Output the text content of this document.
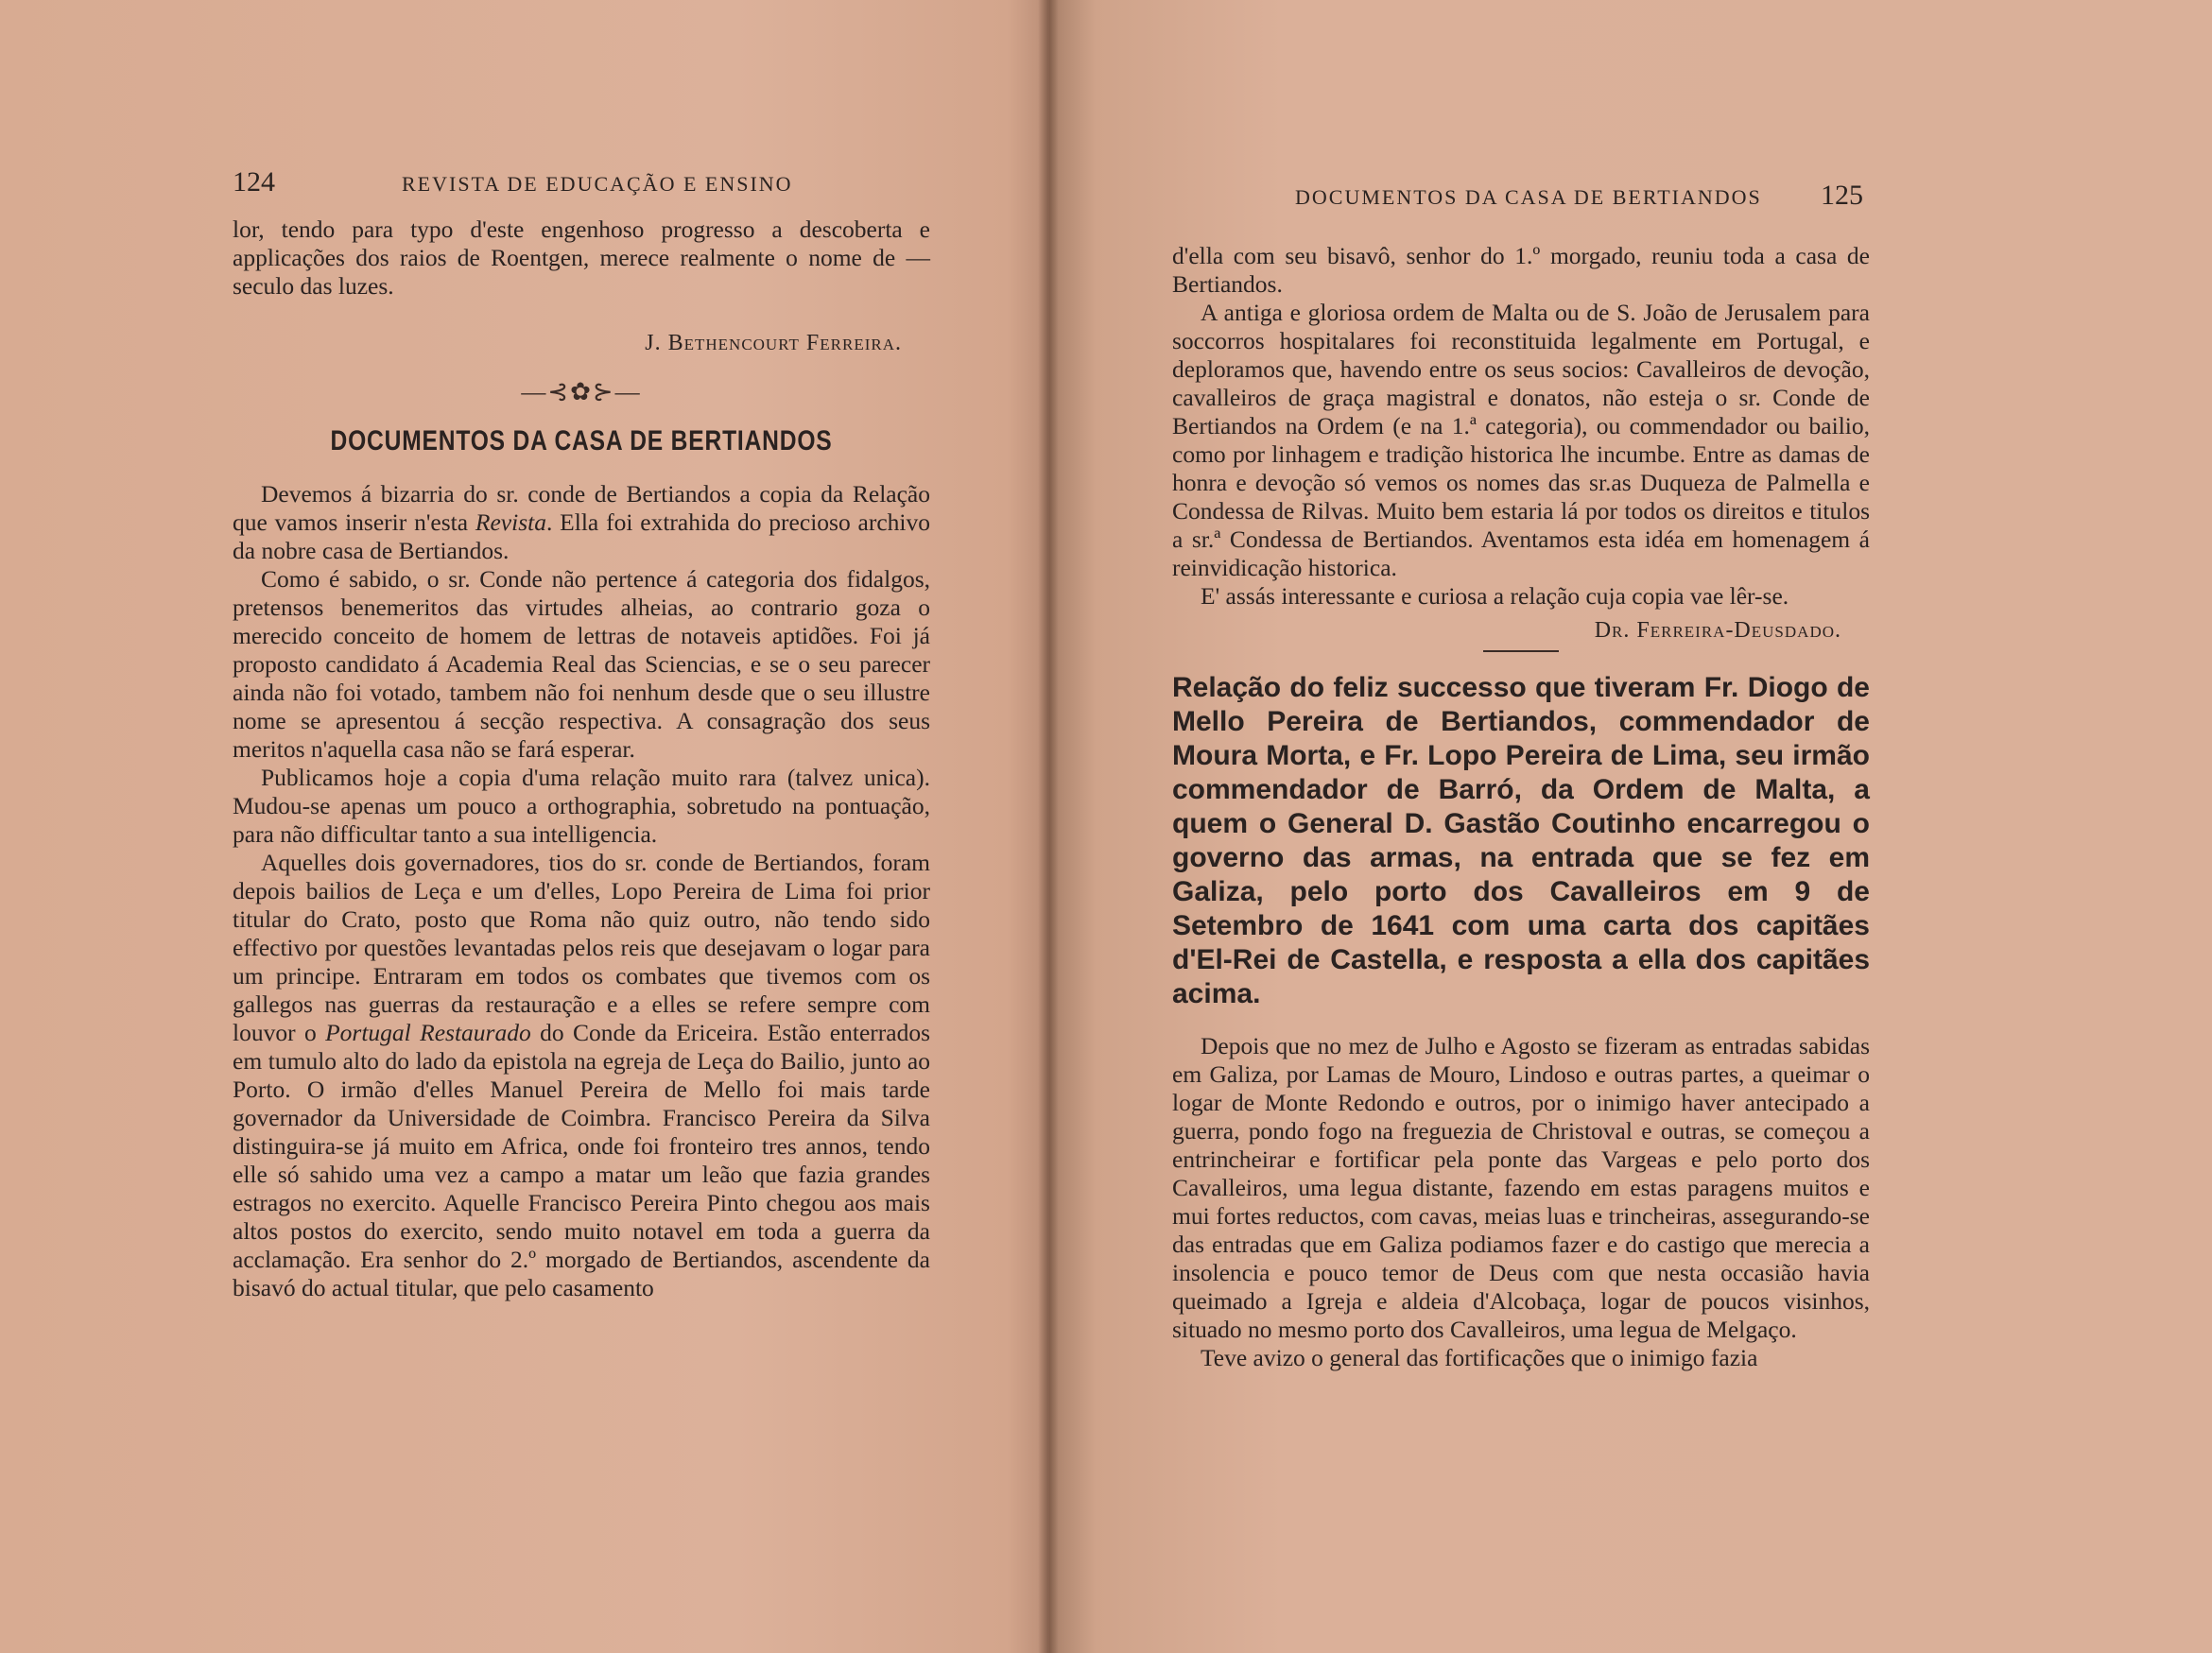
124	REVISTA DE EDUCAÇÃO E ENSINO

lor, tendo para typo d'este engenhoso progresso a descoberta e applicações dos raios de Roentgen, merece realmente o nome de — seculo das luzes.

J. Bethencourt Ferreira.

—⊰✿⊱—
DOCUMENTOS DA CASA DE BERTIANDOS

Devemos á bizarria do sr. conde de Bertiandos a copia da Relação que vamos inserir n'esta Revista. Ella foi extrahida do precioso archivo da nobre casa de Bertiandos.

Como é sabido, o sr. Conde não pertence á categoria dos fidalgos, pretensos benemeritos das virtudes alheias, ao contrario goza o merecido conceito de homem de lettras de notaveis aptidões. Foi já proposto candidato á Academia Real das Sciencias, e se o seu parecer ainda não foi votado, tambem não foi nenhum desde que o seu illustre nome se apresentou á secção respectiva. A consagração dos seus meritos n'aquella casa não se fará esperar.

Publicamos hoje a copia d'uma relação muito rara (talvez unica). Mudou-se apenas um pouco a orthographia, sobretudo na pontuação, para não difficultar tanto a sua intelligencia.

Aquelles dois governadores, tios do sr. conde de Bertiandos, foram depois bailios de Leça e um d'elles, Lopo Pereira de Lima foi prior titular do Crato, posto que Roma não quiz outro, não tendo sido effectivo por questões levantadas pelos reis que desejavam o logar para um principe. Entraram em todos os combates que tivemos com os gallegos nas guerras da restauração e a elles se refere sempre com louvor o Portugal Restaurado do Conde da Ericeira. Estão enterrados em tumulo alto do lado da epistola na egreja de Leça do Bailio, junto ao Porto. O irmão d'elles Manuel Pereira de Mello foi mais tarde governador da Universidade de Coimbra. Francisco Pereira da Silva distinguira-se já muito em Africa, onde foi fronteiro tres annos, tendo elle só sahido uma vez a campo a matar um leão que fazia grandes estragos no exercito. Aquelle Francisco Pereira Pinto chegou aos mais altos postos do exercito, sendo muito notavel em toda a guerra da acclamação. Era senhor do 2.º morgado de Bertiandos, ascendente da bisavó do actual titular, que pelo casamento

DOCUMENTOS DA CASA DE BERTIANDOS 125

d'ella com seu bisavô, senhor do 1.º morgado, reuniu toda a casa de Bertiandos.

A antiga e gloriosa ordem de Malta ou de S. João de Jerusalem para soccorros hospitalares foi reconstituida legalmente em Portugal, e deploramos que, havendo entre os seus socios: Cavalleiros de devoção, cavalleiros de graça magistral e donatos, não esteja o sr. Conde de Bertiandos na Ordem (e na 1.ª categoria), ou commendador ou bailio, como por linhagem e tradição historica lhe incumbe. Entre as damas de honra e devoção só vemos os nomes das sr.as Duqueza de Palmella e Condessa de Rilvas. Muito bem estaria lá por todos os direitos e titulos a sr.ª Condessa de Bertiandos. Aventamos esta idéa em homenagem á reinvidicação historica.

E' assás interessante e curiosa a relação cuja copia vae lêr-se.

Dr. Ferreira-Deusdado.

Relação do feliz successo que tiveram Fr. Diogo de Mello Pereira de Bertiandos, commendador de Moura Morta, e Fr. Lopo Pereira de Lima, seu irmão commendador de Barró, da Ordem de Malta, a quem o General D. Gastão Coutinho encarregou o governo das armas, na entrada que se fez em Galiza, pelo porto dos Cavalleiros em 9 de Setembro de 1641 com uma carta dos capitães d'El-Rei de Castella, e resposta a ella dos capitães acima.

Depois que no mez de Julho e Agosto se fizeram as entradas sabidas em Galiza, por Lamas de Mouro, Lindoso e outras partes, a queimar o logar de Monte Redondo e outros, por o inimigo haver antecipado a guerra, pondo fogo na freguezia de Christoval e outras, se começou a entrincheirar e fortificar pela ponte das Vargeas e pelo porto dos Cavalleiros, uma legua distante, fazendo em estas paragens muitos e mui fortes reductos, com cavas, meias luas e trincheiras, assegurando-se das entradas que em Galiza podiamos fazer e do castigo que merecia a insolencia e pouco temor de Deus com que nesta occasião havia queimado a Igreja e aldeia d'Alcobaça, logar de poucos visinhos, situado no mesmo porto dos Cavalleiros, uma legua de Melgaço.

Teve avizo o general das fortificações que o inimigo fazia
